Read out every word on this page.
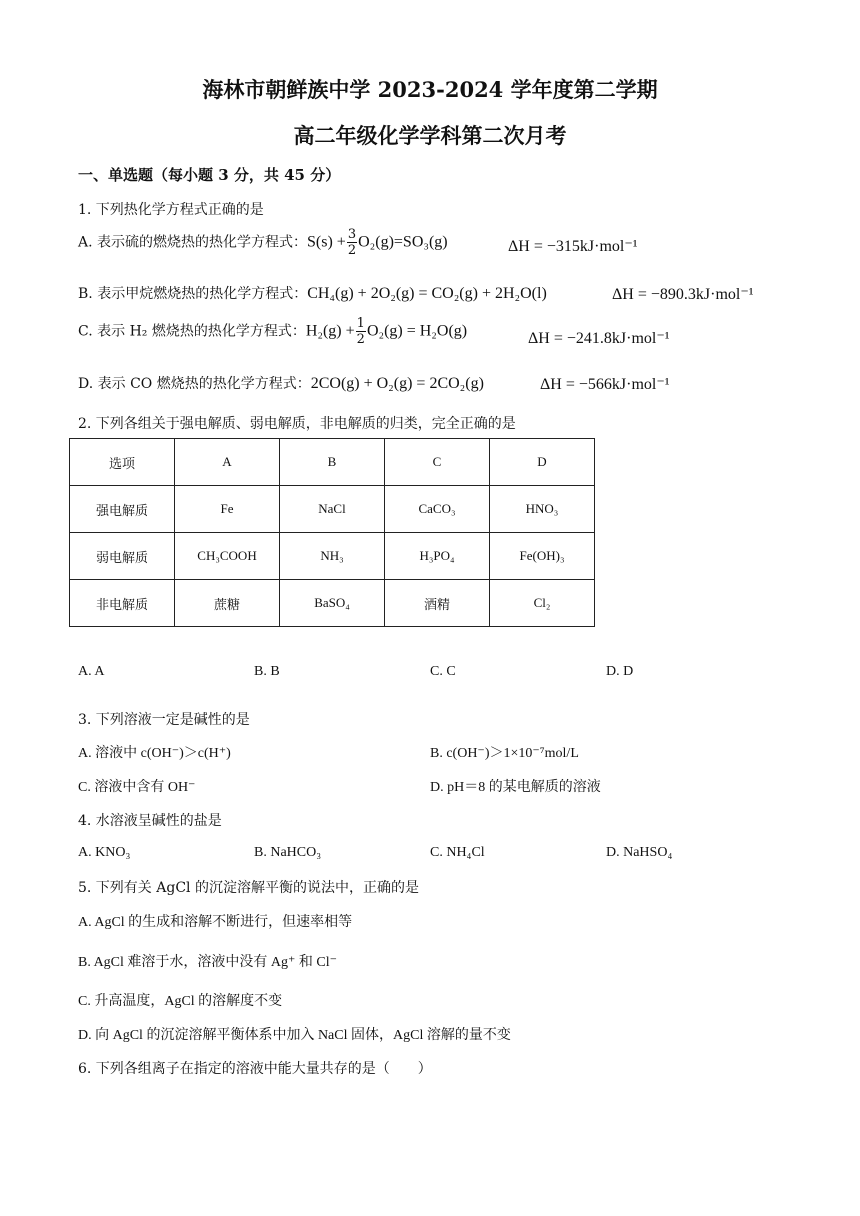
海林市朝鲜族中学 2023-2024 学年度第二学期
高二年级化学学科第二次月考
一、单选题（每小题 3 分，共 45 分）
1. 下列热化学方程式正确的是
A. 表示硫的燃烧热的热化学方程式：$S(s) + \frac{3}{2} O_2(g)=SO_3(g)$	ΔH = −315kJ·mol⁻¹
B. 表示甲烷燃烧热的热化学方程式：CH₄(g) + 2O₂(g) = CO₂(g) + 2H₂O(l)	ΔH = −890.3kJ·mol⁻¹
C. 表示 H₂ 燃烧热的热化学方程式：$H_2(g) + \frac{1}{2} O_2(g) = H_2O(g)$	ΔH = −241.8kJ·mol⁻¹
D. 表示 CO 燃烧热的热化学方程式：2CO(g) + O₂(g) = 2CO₂(g)	ΔH = −566kJ·mol⁻¹
2. 下列各组关于强电解质、弱电解质，非电解质的归类，完全正确的是
选项	A	B	C	D
强电解质	Fe	NaCl	CaCO₃	HNO₃
弱电解质	CH₃COOH	NH₃	H₃PO₄	Fe(OH)₃
非电解质	蔗糖	BaSO₄	酒精	Cl₂
A. A	B. B	C. C	D. D
3. 下列溶液一定是碱性的是
A. 溶液中 c(OH⁻)＞c(H⁺)	B. c(OH⁻)＞1×10⁻⁷mol/L
C. 溶液中含有 OH⁻	D. pH＝8 的某电解质的溶液
4. 水溶液呈碱性的盐是
A. KNO₃	B. NaHCO₃	C. NH₄Cl	D. NaHSO₄
5. 下列有关 AgCl 的沉淀溶解平衡的说法中，正确的是
A. AgCl 的生成和溶解不断进行，但速率相等
B. AgCl 难溶于水，溶液中没有 Ag⁺ 和 Cl⁻
C. 升高温度，AgCl 的溶解度不变
D. 向 AgCl 的沉淀溶解平衡体系中加入 NaCl 固体，AgCl 溶解的量不变
6. 下列各组离子在指定的溶液中能大量共存的是（　　）
